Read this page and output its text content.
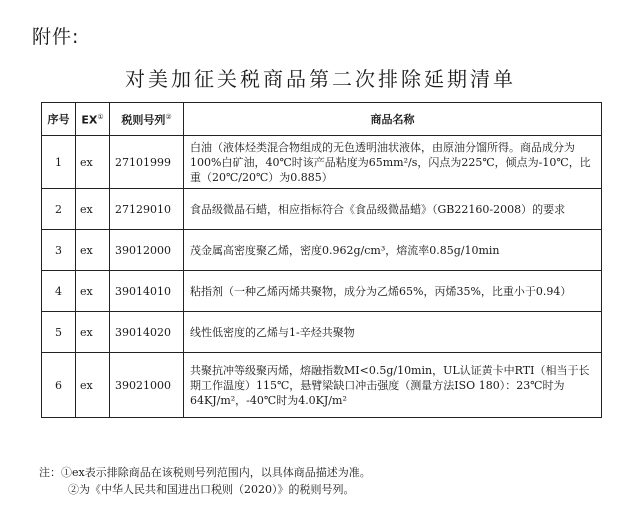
附件:
对美加征关税商品第二次排除延期清单
序号	EX①	税则号列②	商品名称
1	ex	27101999	白油（液体烃类混合物组成的无色透明油状液体，由原油分馏所得。商品成分为100%白矿油，40℃时该产品粘度为65mm²/s，闪点为225℃，倾点为-10℃，比重（20℃/20℃）为0.885）
2	ex	27129010	食品级微晶石蜡，相应指标符合《食品级微晶蜡》（GB22160-2008）的要求
3	ex	39012000	茂金属高密度聚乙烯，密度0.962g/cm³，熔流率0.85g/10min
4	ex	39014010	粘指剂（一种乙烯丙烯共聚物，成分为乙烯65%，丙烯35%，比重小于0.94）
5	ex	39014020	线性低密度的乙烯与1-辛烃共聚物
6	ex	39021000	共聚抗冲等级聚丙烯，熔融指数MI<0.5g/10min，UL认证黄卡中RTI（相当于长期工作温度）115℃，悬臂梁缺口冲击强度（测量方法ISO 180）：23℃时为64KJ/m²，-40℃时为4.0KJ/m²
注：①ex表示排除商品在该税则号列范围内，以具体商品描述为准。
②为《中华人民共和国进出口税则（2020）》的税则号列。
